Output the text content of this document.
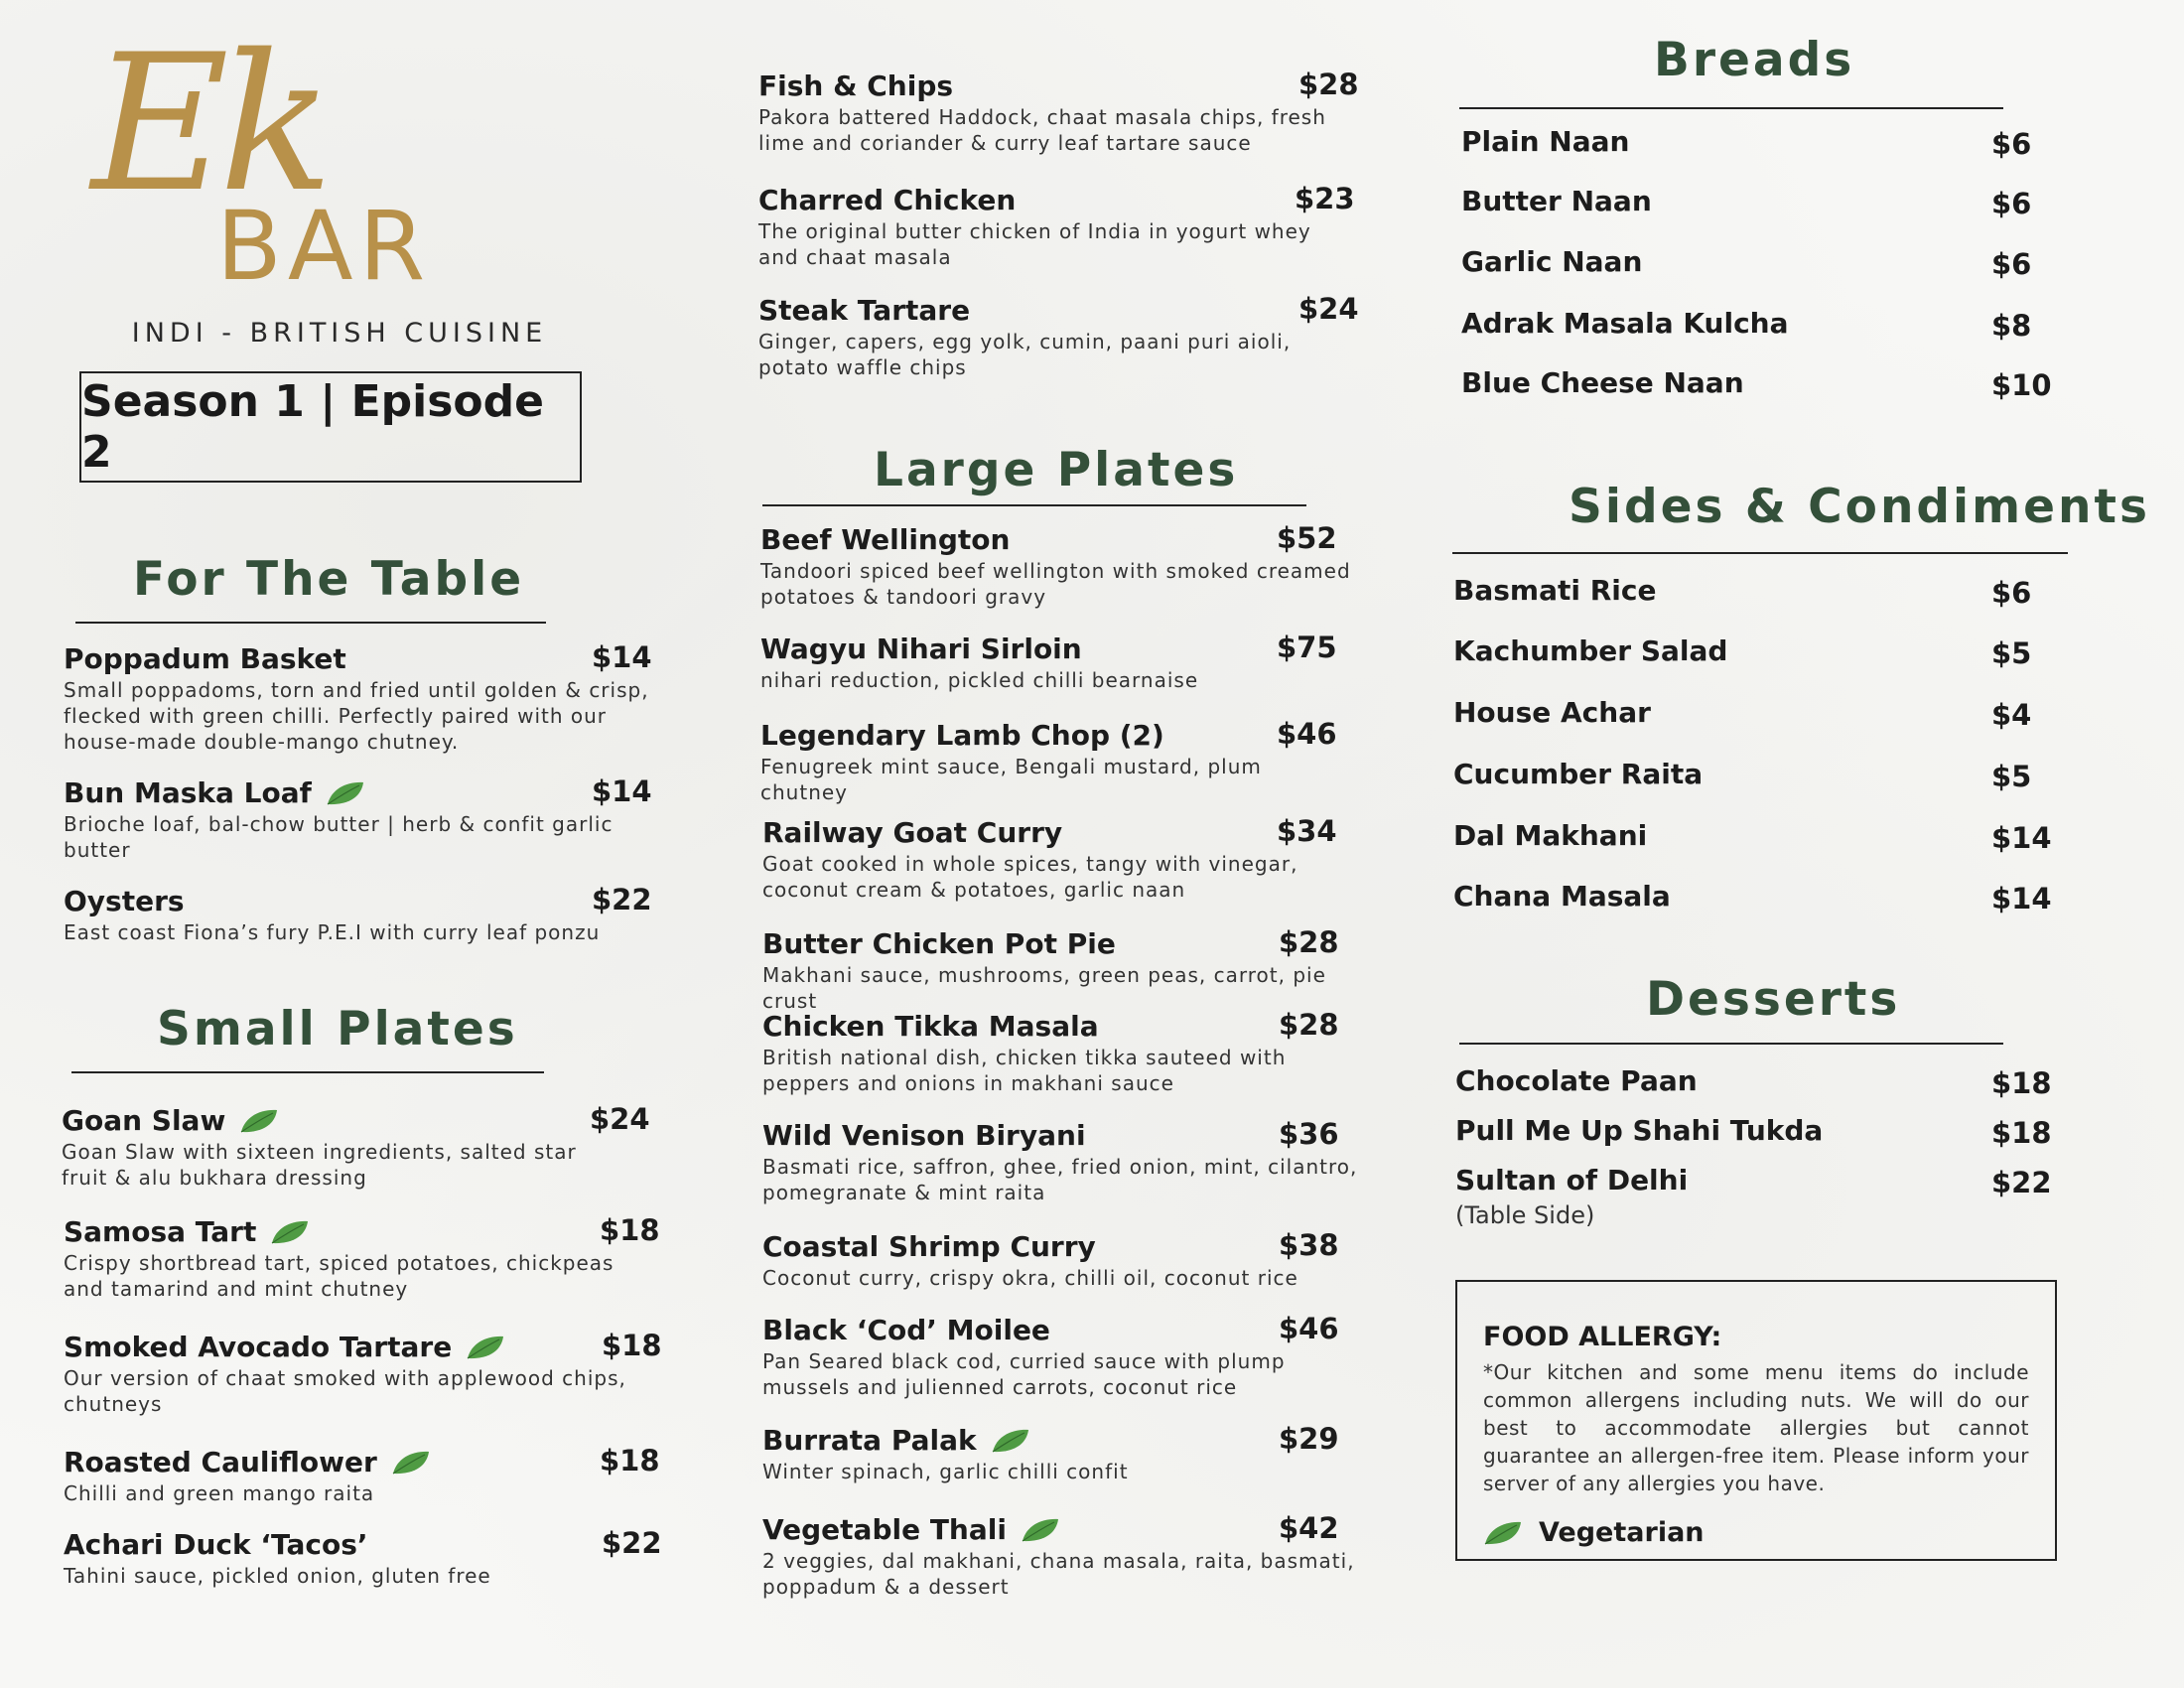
Ek
BAR
INDI - BRITISH CUISINE
Season 1 | Episode 2
For The Table
Poppadum Basket
Small poppadoms, torn and fried until golden & crisp, flecked with green chilli. Perfectly paired with our house-made double-mango chutney.
$14
Bun Maska Loaf
Brioche loaf, bal-chow butter | herb & confit garlic butter
$14
Oysters
East coast Fiona’s fury P.E.I with curry leaf ponzu
$22
Small Plates
Goan Slaw
Goan Slaw with sixteen ingredients, salted star fruit & alu bukhara dressing
$24
Samosa Tart
Crispy shortbread tart, spiced potatoes, chickpeas and tamarind and mint chutney
$18
Smoked Avocado Tartare
Our version of chaat smoked with applewood chips, chutneys
$18
Roasted Cauliflower
Chilli and green mango raita
$18
Achari Duck ‘Tacos’
Tahini sauce, pickled onion, gluten free
$22
Fish & Chips
Pakora battered Haddock, chaat masala chips, fresh lime and coriander & curry leaf tartare sauce
$28
Charred Chicken
The original butter chicken of India in yogurt whey and chaat masala
$23
Steak Tartare
Ginger, capers, egg yolk, cumin, paani puri aioli, potato waffle chips
$24
Large Plates
Beef Wellington
Tandoori spiced beef wellington with smoked creamed potatoes & tandoori gravy
$52
Wagyu Nihari Sirloin
nihari reduction, pickled chilli bearnaise
$75
Legendary Lamb Chop (2)
Fenugreek mint sauce, Bengali mustard, plum chutney
$46
Railway Goat Curry
Goat cooked in whole spices, tangy with vinegar, coconut cream & potatoes, garlic naan
$34
Butter Chicken Pot Pie
Makhani sauce, mushrooms, green peas, carrot, pie crust
$28
Chicken Tikka Masala
British national dish, chicken tikka sauteed with peppers and onions in makhani sauce
$28
Wild Venison Biryani
Basmati rice, saffron, ghee, fried onion, mint, cilantro, pomegranate & mint raita
$36
Coastal Shrimp Curry
Coconut curry, crispy okra, chilli oil, coconut rice
$38
Black ‘Cod’ Moilee
Pan Seared black cod, curried sauce with plump mussels and julienned carrots, coconut rice
$46
Burrata Palak
Winter spinach, garlic chilli confit
$29
Vegetable Thali
2 veggies, dal makhani, chana masala, raita, basmati, poppadum & a dessert
$42
Breads
Plain Naan	$6
Butter Naan	$6
Garlic Naan	$6
Adrak Masala Kulcha	$8
Blue Cheese Naan	$10
Sides & Condiments
Basmati Rice	$6
Kachumber Salad	$5
House Achar	$4
Cucumber Raita	$5
Dal Makhani	$14
Chana Masala	$14
Desserts
Chocolate Paan	$18
Pull Me Up Shahi Tukda	$18
Sultan of Delhi	$22
(Table Side)
FOOD ALLERGY:
*Our kitchen and some menu items do include common allergens including nuts. We will do our best to accommodate allergies but cannot guarantee an allergen-free item. Please inform your server of any allergies you have.
Vegetarian
